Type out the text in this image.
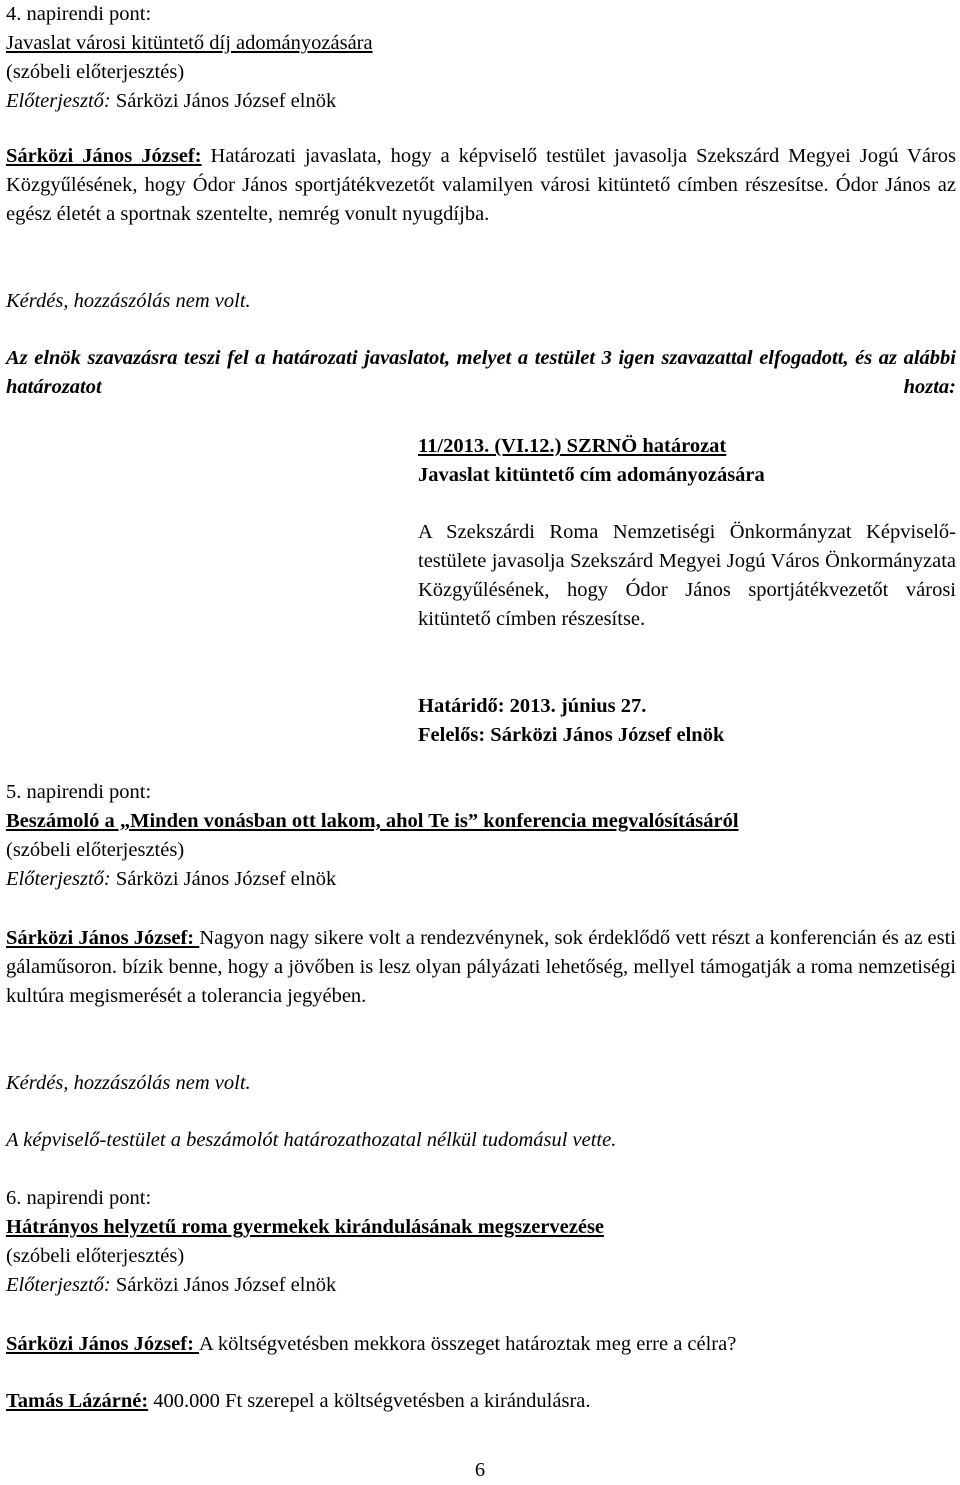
4. napirendi pont:

Javaslat városi kitüntető díj adományozására

(szóbeli előterjesztés)

Előterjesztő: Sárközi János József elnök

Sárközi János József: Határozati javaslata, hogy a képviselő testület javasolja Szekszárd Megyei Jogú Város Közgyűlésének, hogy Ódor János sportjátékvezetőt valamilyen városi kitüntető címben részesítse. Ódor János az egész életét a sportnak szentelte, nemrég vonult nyugdíjba.

Kérdés, hozzászólás nem volt.

Az elnök szavazásra teszi fel a határozati javaslatot, melyet a testület 3 igen szavazattal elfogadott, és az alábbi határozatot hozta:

11/2013. (VI.12.) SZRNÖ határozat

Javaslat kitüntető cím adományozására

A Szekszárdi Roma Nemzetiségi Önkormányzat Képviselő-testülete javasolja Szekszárd Megyei Jogú Város Önkormányzata Közgyűlésének, hogy Ódor János sportjátékvezetőt városi kitüntető címben részesítse.

Határidő: 2013. június 27.

Felelős: Sárközi János József elnök

5. napirendi pont:

Beszámoló a „Minden vonásban ott lakom, ahol Te is” konferencia megvalósításáról

(szóbeli előterjesztés)

Előterjesztő: Sárközi János József elnök

Sárközi János József: Nagyon nagy sikere volt a rendezvénynek, sok érdeklődő vett részt a konferencián és az esti gálaműsoron. bízik benne, hogy a jövőben is lesz olyan pályázati lehetőség, mellyel támogatják a roma nemzetiségi kultúra megismerését a tolerancia jegyében.

Kérdés, hozzászólás nem volt.

A képviselő-testület a beszámolót határozathozatal nélkül tudomásul vette.

6. napirendi pont:

Hátrányos helyzetű roma gyermekek kirándulásának megszervezése

(szóbeli előterjesztés)

Előterjesztő: Sárközi János József elnök

Sárközi János József: A költségvetésben mekkora összeget határoztak meg erre a célra?

Tamás Lázárné: 400.000 Ft szerepel a költségvetésben a kirándulásra.

6
